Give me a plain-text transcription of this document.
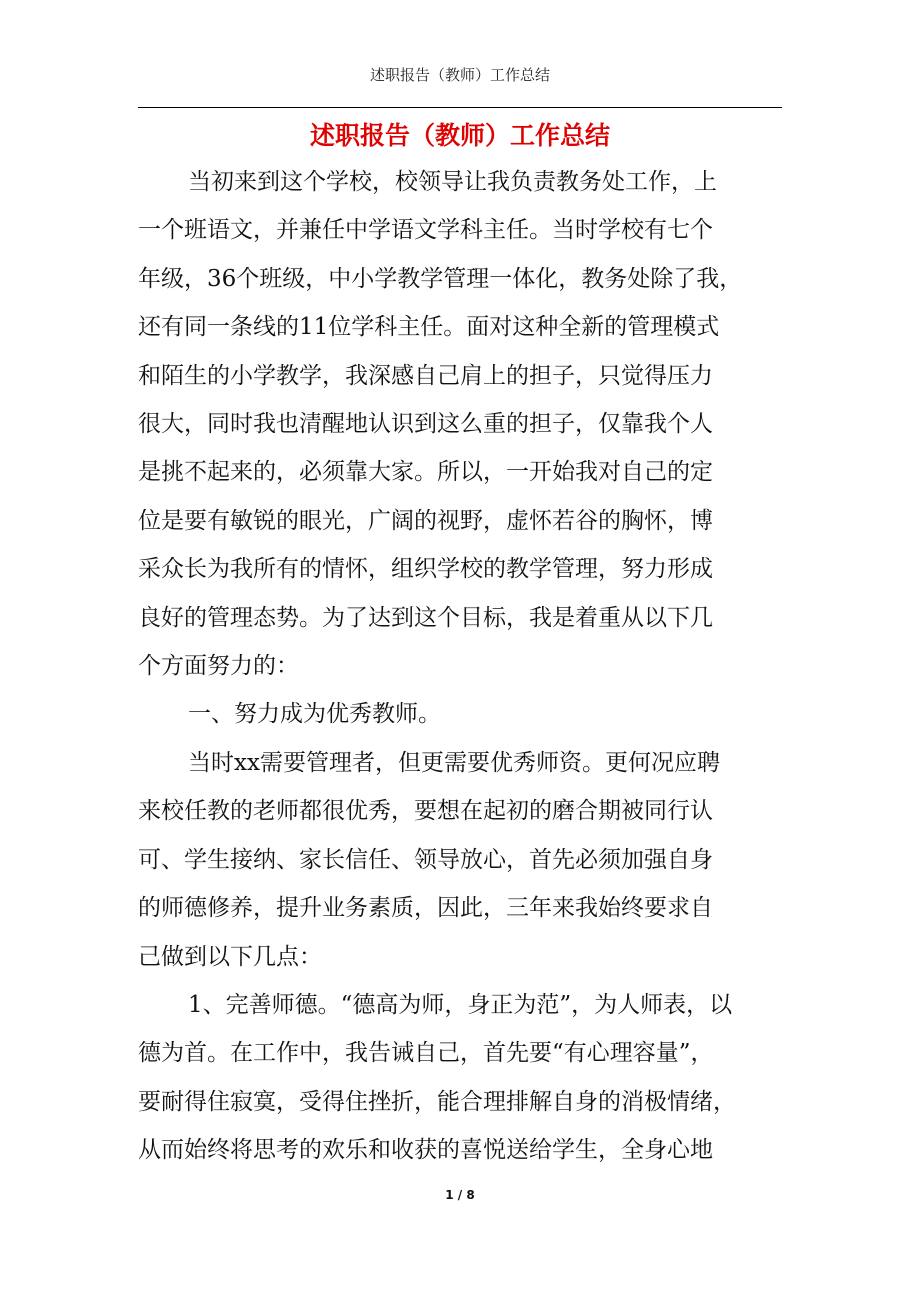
述职报告（教师）工作总结
述职报告（教师）工作总结
当初来到这个学校，校领导让我负责教务处工作，上
一个班语文，并兼任中学语文学科主任。当时学校有七个
年级，36个班级，中小学教学管理一体化，教务处除了我，
还有同一条线的11位学科主任。面对这种全新的管理模式
和陌生的小学教学，我深感自己肩上的担子，只觉得压力
很大，同时我也清醒地认识到这么重的担子，仅靠我个人
是挑不起来的，必须靠大家。所以，一开始我对自己的定
位是要有敏锐的眼光，广阔的视野，虚怀若谷的胸怀，博
采众长为我所有的情怀，组织学校的教学管理，努力形成
良好的管理态势。为了达到这个目标，我是着重从以下几
个方面努力的：
一、努力成为优秀教师。
当时xx需要管理者，但更需要优秀师资。更何况应聘
来校任教的老师都很优秀，要想在起初的磨合期被同行认
可、学生接纳、家长信任、领导放心，首先必须加强自身
的师德修养，提升业务素质，因此，三年来我始终要求自
己做到以下几点：
1、完善师德。“德高为师，身正为范”，为人师表，以
德为首。在工作中，我告诫自己，首先要“有心理容量”，
要耐得住寂寞，受得住挫折，能合理排解自身的消极情绪，
从而始终将思考的欢乐和收获的喜悦送给学生，全身心地
1 / 8
